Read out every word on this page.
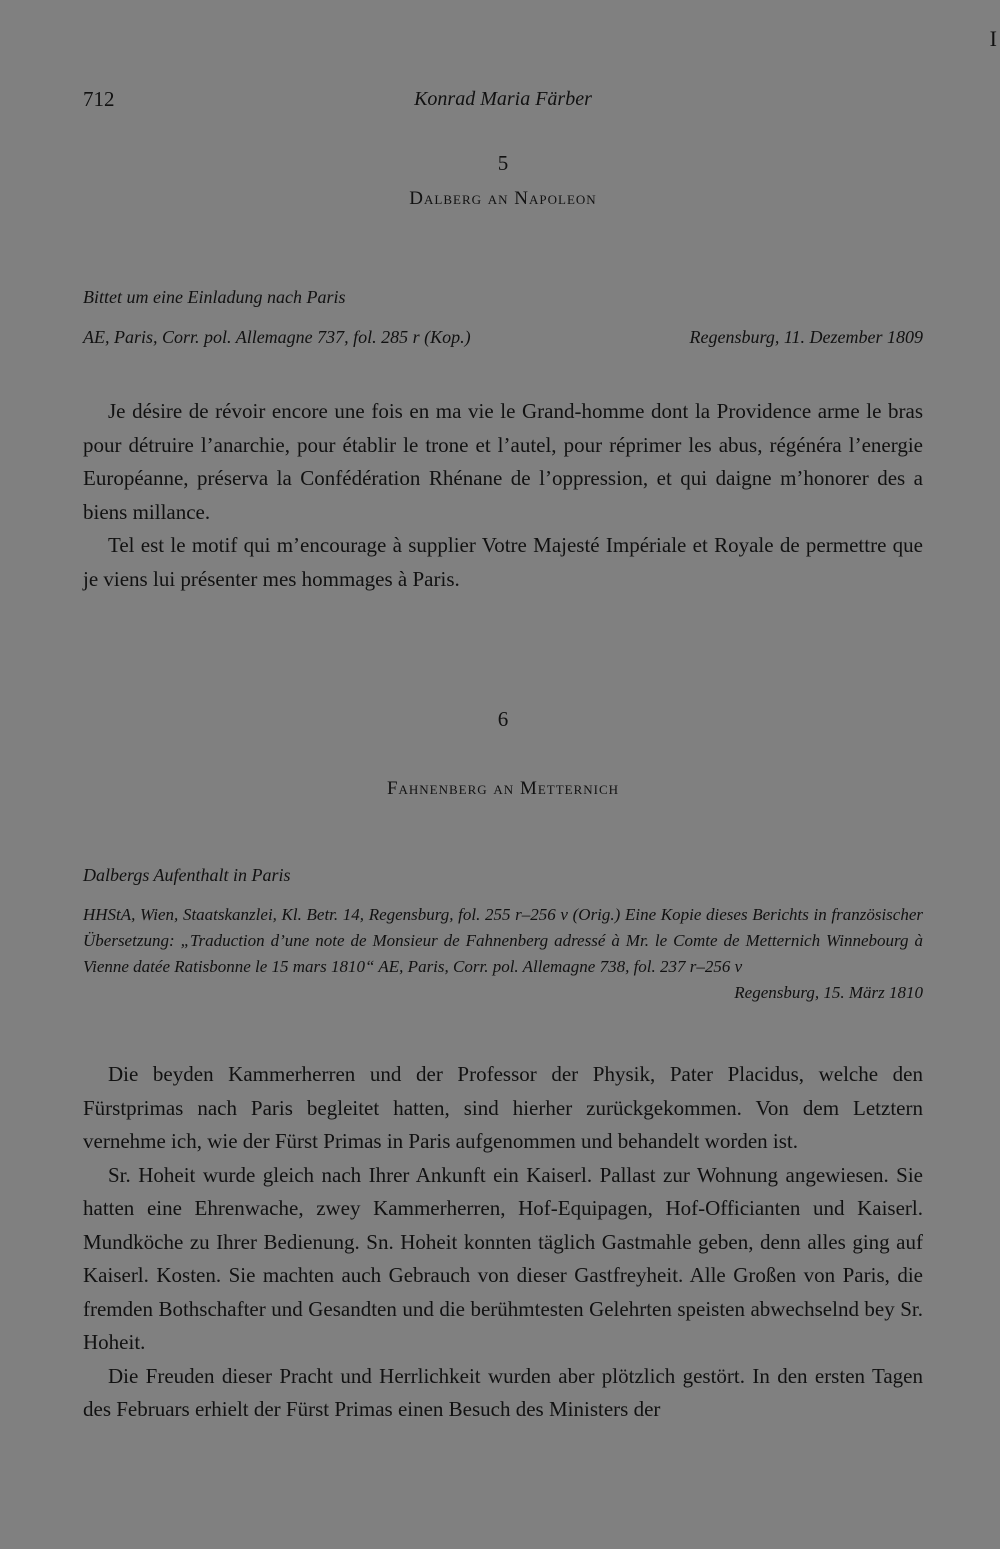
I
712	Konrad Maria Färber
5
Dalberg an Napoleon
Bittet um eine Einladung nach Paris
AE, Paris, Corr. pol. Allemagne 737, fol. 285 r (Kop.)	Regensburg, 11. Dezember 1809

Je désire de révoir encore une fois en ma vie le Grand-homme dont la Providence arme le bras pour détruire l’anarchie, pour établir le trone et l’autel, pour réprimer les abus, régénéra l’energie Européanne, préserva la Confédération Rhénane de l’oppression, et qui daigne m’honorer des a biens millance.

Tel est le motif qui m’encourage à supplier Votre Majesté Impériale et Royale de permettre que je viens lui présenter mes hommages à Paris.

6
Fahnenberg an Metternich
Dalbergs Aufenthalt in Paris
HHStA, Wien, Staatskanzlei, Kl. Betr. 14, Regensburg, fol. 255 r–256 v (Orig.) Eine Kopie dieses Berichts in französischer Übersetzung: „Traduction d’une note de Monsieur de Fahnenberg adressé à Mr. le Comte de Metternich Winnebourg à Vienne datée Ratisbonne le 15 mars 1810“ AE, Paris, Corr. pol. Allemagne 738, fol. 237 r–256 v
Regensburg, 15. März 1810

Die beyden Kammerherren und der Professor der Physik, Pater Placidus, welche den Fürstprimas nach Paris begleitet hatten, sind hierher zurückgekommen. Von dem Letztern vernehme ich, wie der Fürst Primas in Paris aufgenommen und behandelt worden ist.

Sr. Hoheit wurde gleich nach Ihrer Ankunft ein Kaiserl. Pallast zur Wohnung angewiesen. Sie hatten eine Ehrenwache, zwey Kammerherren, Hof-Equipagen, Hof-Officianten und Kaiserl. Mundköche zu Ihrer Bedienung. Sn. Hoheit konnten täglich Gastmahle geben, denn alles ging auf Kaiserl. Kosten. Sie machten auch Gebrauch von dieser Gastfreyheit. Alle Großen von Paris, die fremden Bothschafter und Gesandten und die berühmtesten Gelehrten speisten abwechselnd bey Sr. Hoheit.

Die Freuden dieser Pracht und Herrlichkeit wurden aber plötzlich gestört. In den ersten Tagen des Februars erhielt der Fürst Primas einen Besuch des Ministers der
